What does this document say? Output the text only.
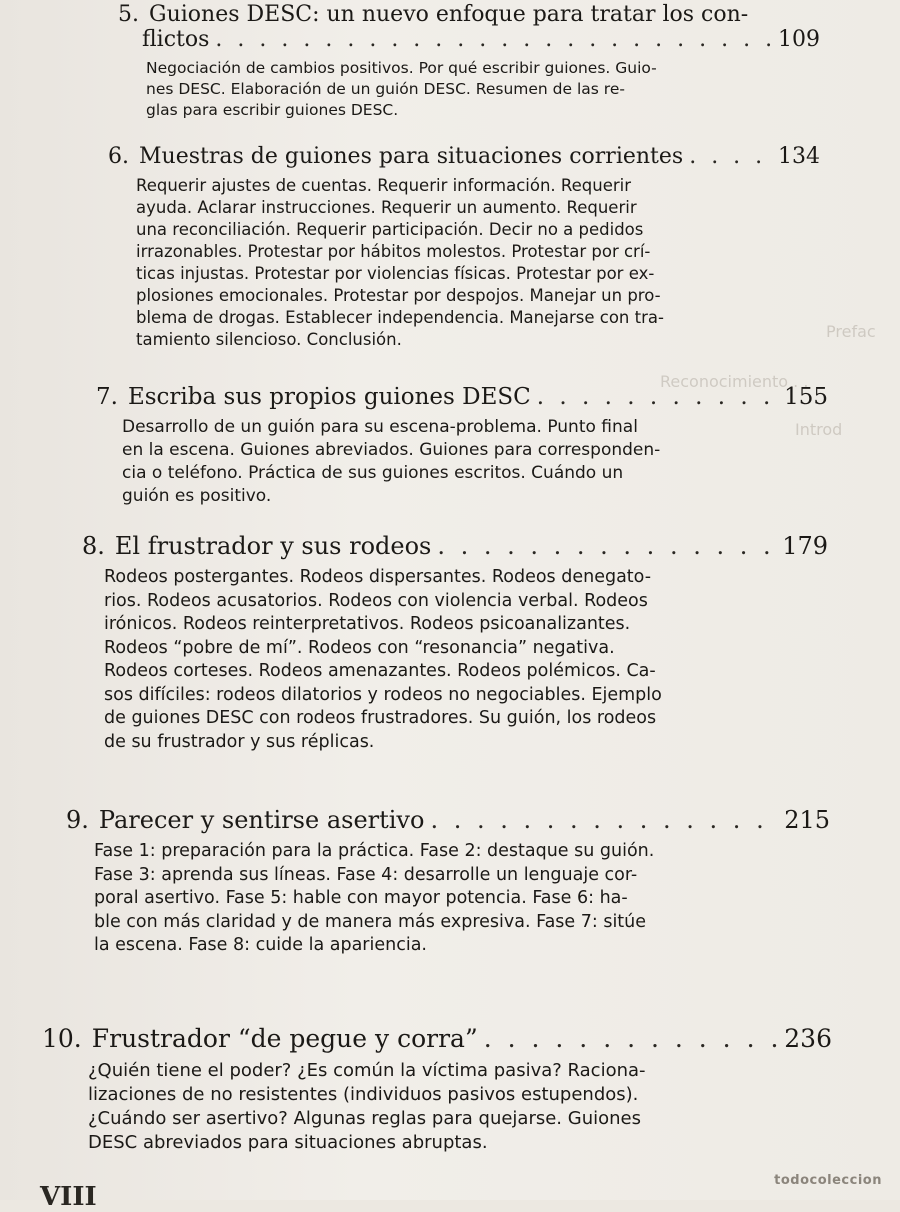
Prefac
Reconocimiento . .
Introd
5. Guiones DESC: un nuevo enfoque para tratar los con-
flictos . . .	109
Negociación de cambios positivos. Por qué escribir guiones. Guio-
nes DESC. Elaboración de un guión DESC. Resumen de las re-
glas para escribir guiones DESC.
6. Muestras de guiones para situaciones corrientes . . .	134
Requerir ajustes de cuentas. Requerir información. Requerir
ayuda. Aclarar instrucciones. Requerir un aumento. Requerir
una reconciliación. Requerir participación. Decir no a pedidos
irrazonables. Protestar por hábitos molestos. Protestar por crí-
ticas injustas. Protestar por violencias físicas. Protestar por ex-
plosiones emocionales. Protestar por despojos. Manejar un pro-
blema de drogas. Establecer independencia. Manejarse con tra-
tamiento silencioso. Conclusión.
7. Escriba sus propios guiones DESC . . .	155
Desarrollo de un guión para su escena-problema. Punto final
en la escena. Guiones abreviados. Guiones para corresponden-
cia o teléfono. Práctica de sus guiones escritos. Cuándo un
guión es positivo.
8. El frustrador y sus rodeos . . .	179
Rodeos postergantes. Rodeos dispersantes. Rodeos denegato-
rios. Rodeos acusatorios. Rodeos con violencia verbal. Rodeos
irónicos. Rodeos reinterpretativos. Rodeos psicoanalizantes.
Rodeos “pobre de mí”. Rodeos con “resonancia” negativa.
Rodeos corteses. Rodeos amenazantes. Rodeos polémicos. Ca-
sos difíciles: rodeos dilatorios y rodeos no negociables. Ejemplo
de guiones DESC con rodeos frustradores. Su guión, los rodeos
de su frustrador y sus réplicas.
9. Parecer y sentirse asertivo . . .	215
Fase 1: preparación para la práctica. Fase 2: destaque su guión.
Fase 3: aprenda sus líneas. Fase 4: desarrolle un lenguaje cor-
poral asertivo. Fase 5: hable con mayor potencia. Fase 6: ha-
ble con más claridad y de manera más expresiva. Fase 7: sitúe
la escena. Fase 8: cuide la apariencia.
10. Frustrador “de pegue y corra” . . .	236
¿Quién tiene el poder? ¿Es común la víctima pasiva? Raciona-
lizaciones de no resistentes (individuos pasivos estupendos).
¿Cuándo ser asertivo? Algunas reglas para quejarse. Guiones
DESC abreviados para situaciones abruptas.
VIII
todocoleccion
